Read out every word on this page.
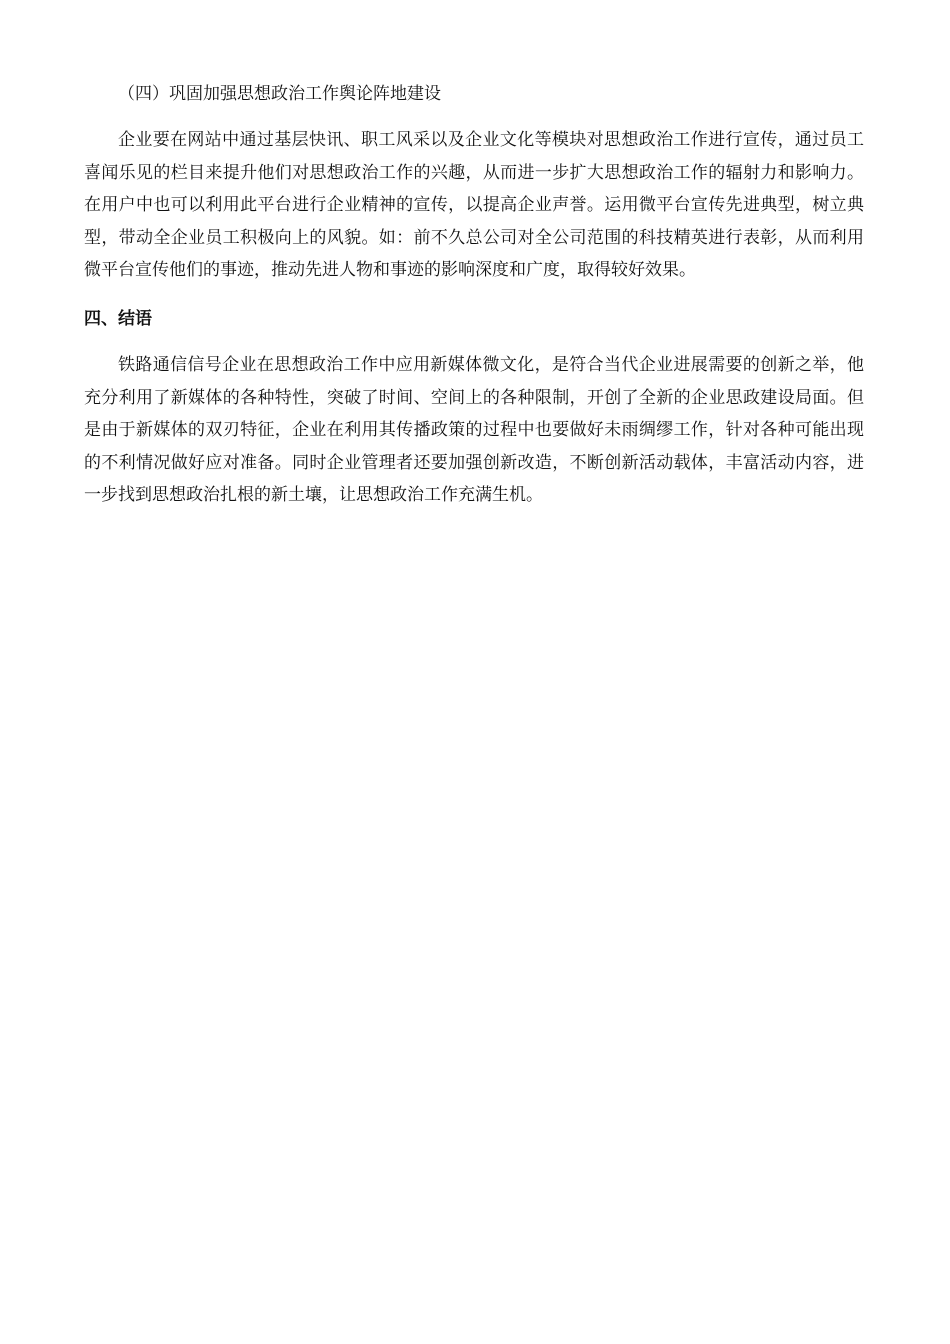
（四）巩固加强思想政治工作舆论阵地建设

企业要在网站中通过基层快讯、职工风采以及企业文化等模块对思想政治工作进行宣传，通过员工喜闻乐见的栏目来提升他们对思想政治工作的兴趣，从而进一步扩大思想政治工作的辐射力和影响力。在用户中也可以利用此平台进行企业精神的宣传，以提高企业声誉。运用微平台宣传先进典型，树立典型，带动全企业员工积极向上的风貌。如：前不久总公司对全公司范围的科技精英进行表彰，从而利用微平台宣传他们的事迹，推动先进人物和事迹的影响深度和广度，取得较好效果。

四、结语

铁路通信信号企业在思想政治工作中应用新媒体微文化，是符合当代企业进展需要的创新之举，他充分利用了新媒体的各种特性，突破了时间、空间上的各种限制，开创了全新的企业思政建设局面。但是由于新媒体的双刃特征，企业在利用其传播政策的过程中也要做好未雨绸缪工作，针对各种可能出现的不利情况做好应对准备。同时企业管理者还要加强创新改造，不断创新活动载体，丰富活动内容，进一步找到思想政治扎根的新土壤，让思想政治工作充满生机。
